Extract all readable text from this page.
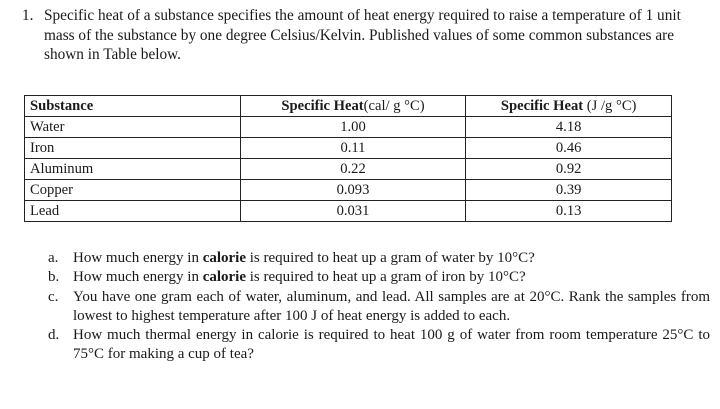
1. Specific heat of a substance specifies the amount of heat energy required to raise a temperature of 1 unit mass of the substance by one degree Celsius/Kelvin. Published values of some common substances are shown in Table below.
Substance	Specific Heat(cal/ g °C)	Specific Heat (J /g °C)
Water	1.00	4.18
Iron	0.11	0.46
Aluminum	0.22	0.92
Copper	0.093	0.39
Lead	0.031	0.13
a. How much energy in calorie is required to heat up a gram of water by 10°C?
b. How much energy in calorie is required to heat up a gram of iron by 10°C?
c. You have one gram each of water, aluminum, and lead. All samples are at 20°C. Rank the samples from lowest to highest temperature after 100 J of heat energy is added to each.
d. How much thermal energy in calorie is required to heat 100 g of water from room temperature 25°C to 75°C for making a cup of tea?
